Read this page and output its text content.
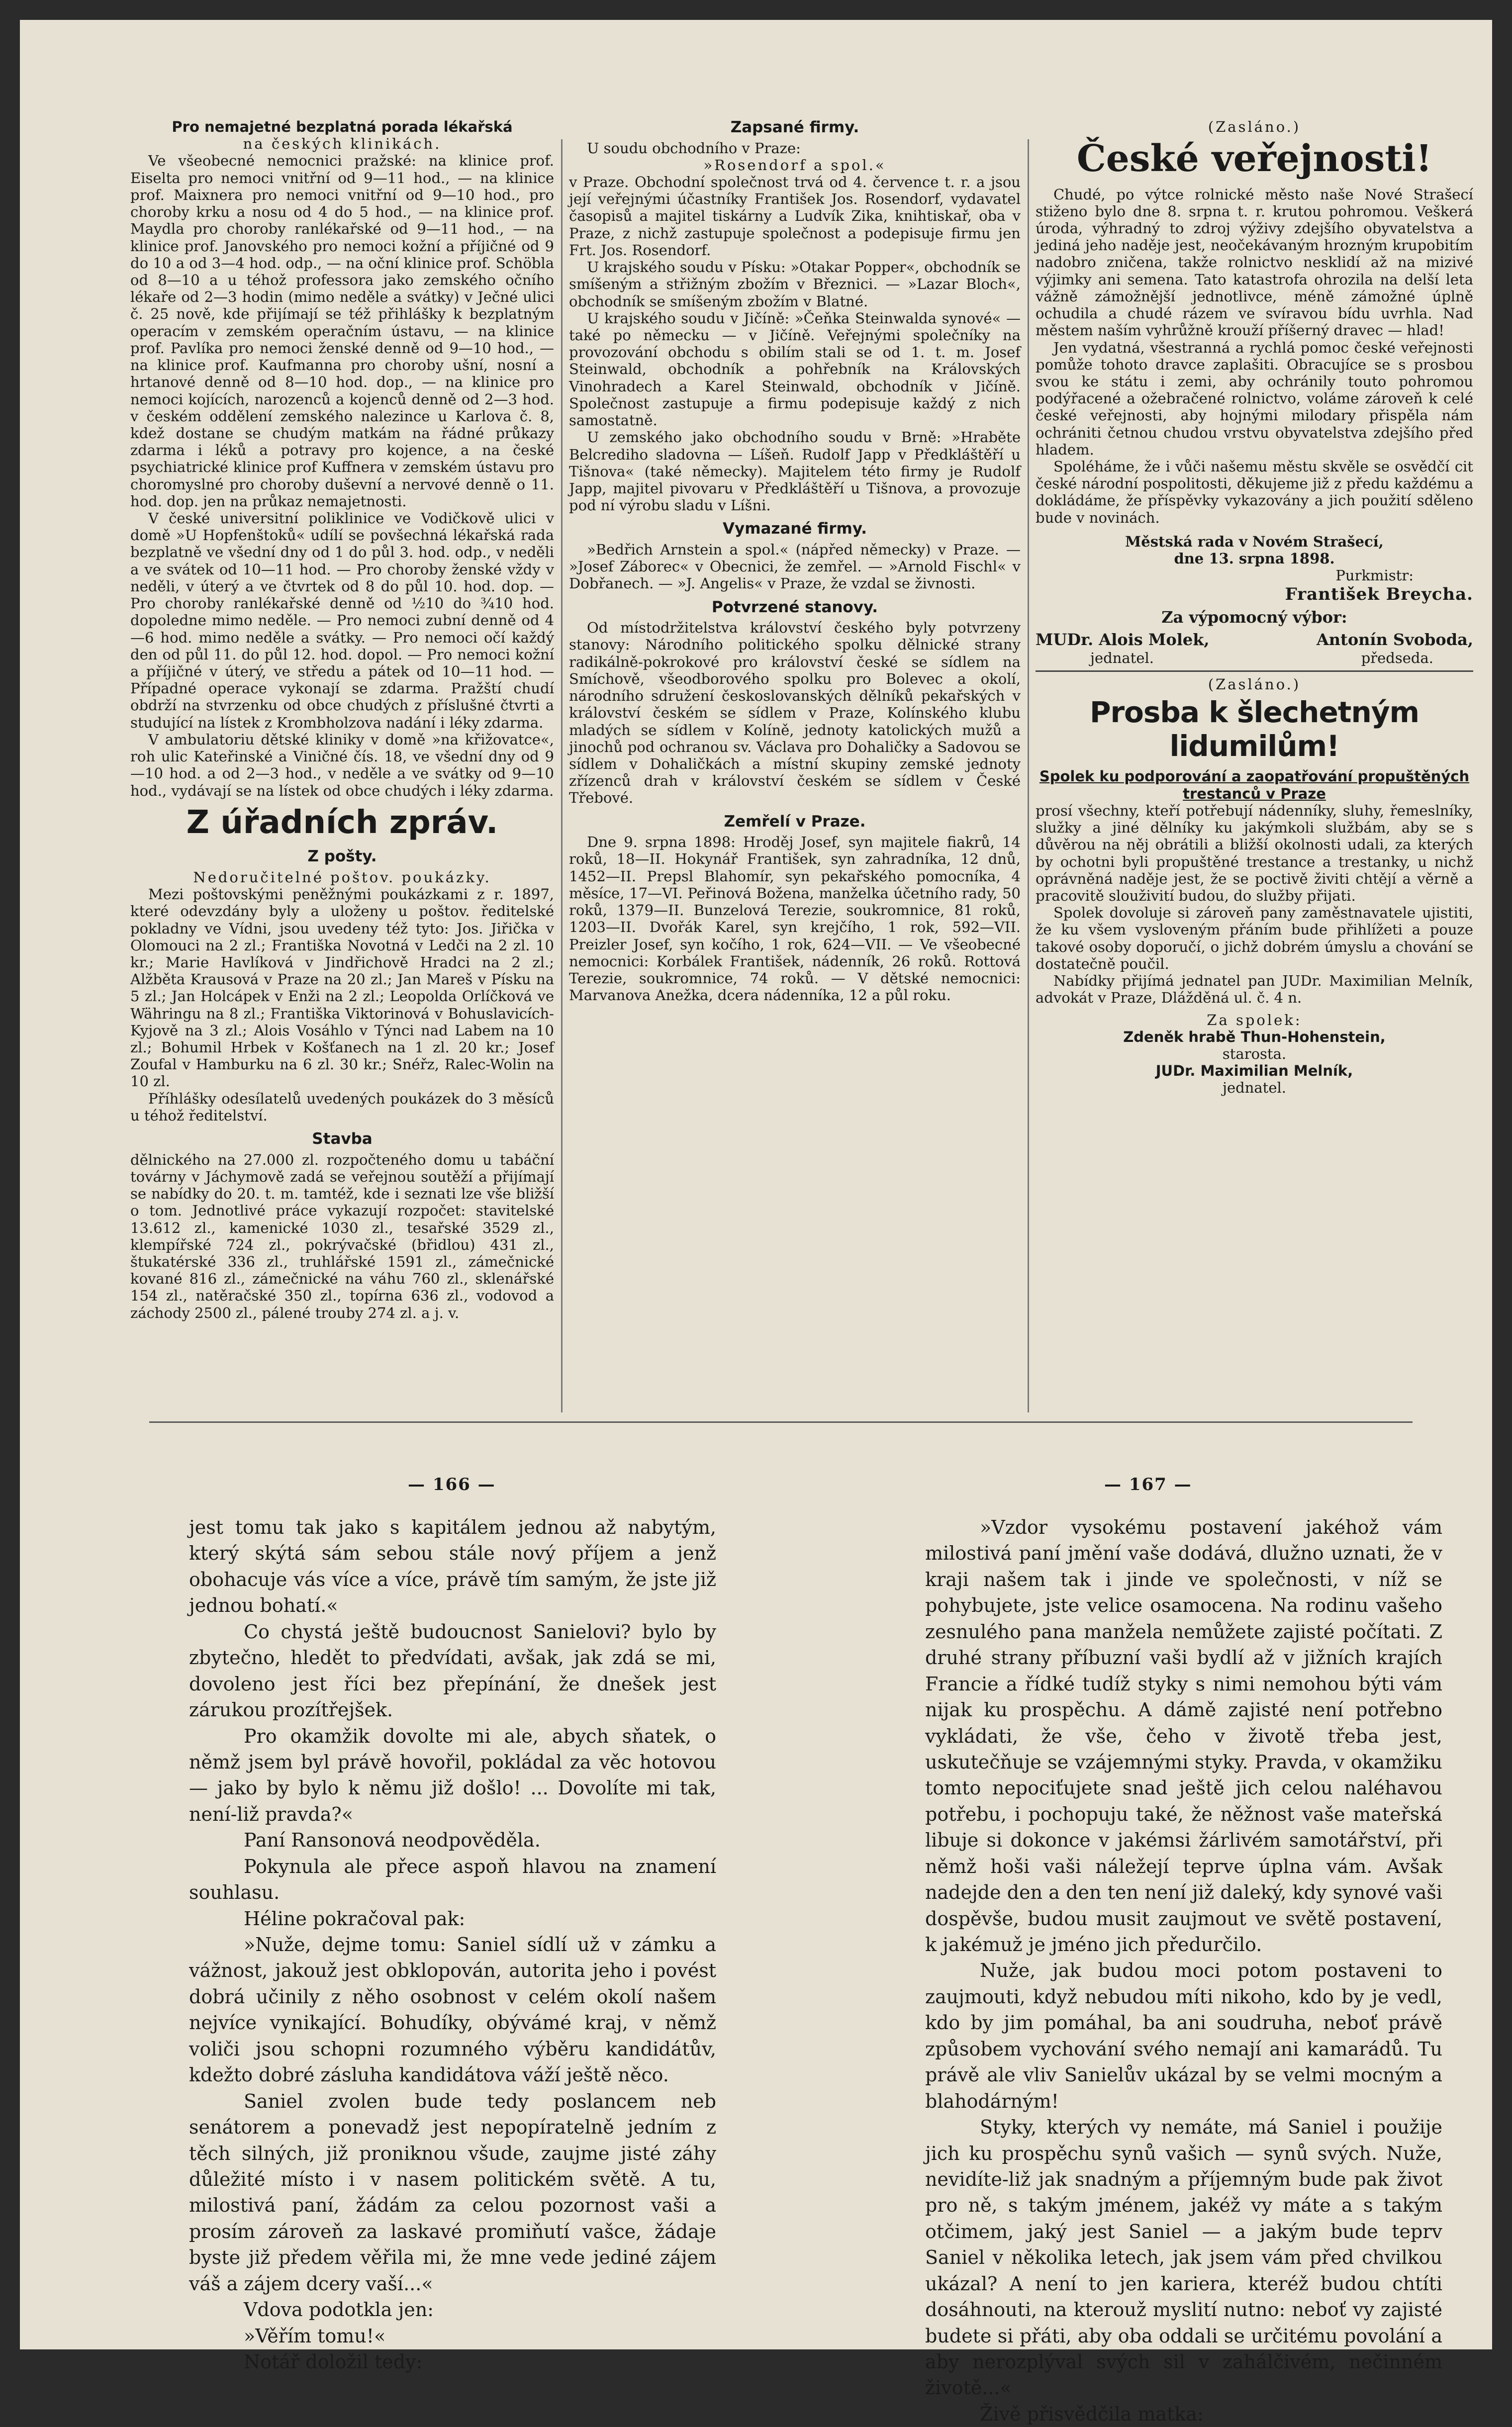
Pro nemajetné bezplatná porada lékařská

na českých klinikách.

Ve všeobecné nemocnici pražské: na klinice prof. Eiselta pro nemoci vnitřní od 9—11 hod., — na klinice prof. Maixnera pro nemoci vnitřní od 9—10 hod., pro choroby krku a nosu od 4 do 5 hod., — na klinice prof. Maydla pro choroby ranlékařské od 9—11 hod., — na klinice prof. Janovského pro nemoci kožní a příjičné od 9 do 10 a od 3—4 hod. odp., — na oční klinice prof. Schöbla od 8—10 a u téhož professora jako zemského očního lékaře od 2—3 hodin (mimo neděle a svátky) v Ječné ulici č. 25 nově, kde přijímají se též přihlášky k bezplatným operacím v zemském operačním ústavu, — na klinice prof. Pavlíka pro nemoci ženské denně od 9—10 hod., — na klinice prof. Kaufmanna pro choroby ušní, nosní a hrtanové denně od 8—10 hod. dop., — na klinice pro nemoci kojících, narozenců a kojenců denně od 2—3 hod. v českém oddělení zemského nalezince u Karlova č. 8, kdež dostane se chudým matkám na řádné průkazy zdarma i léků a potravy pro kojence, a na české psychiatrické klinice prof Kuffnera v zemském ústavu pro choromyslné pro choroby duševní a nervové denně o 11. hod. dop. jen na průkaz nemajetnosti.

V české universitní poliklinice ve Vodičkově ulici v domě »U Hopfenštoků« udílí se povšechná lékařská rada bezplatně ve všední dny od 1 do půl 3. hod. odp., v neděli a ve svátek od 10—11 hod. — Pro choroby ženské vždy v neděli, v úterý a ve čtvrtek od 8 do půl 10. hod. dop. — Pro choroby ranlékařské denně od ½10 do ¾10 hod. dopoledne mimo neděle. — Pro nemoci zubní denně od 4—6 hod. mimo neděle a svátky. — Pro nemoci očí každý den od půl 11. do půl 12. hod. dopol. — Pro nemoci kožní a příjičné v úterý, ve středu a pátek od 10—11 hod. — Případné operace vykonají se zdarma. Pražští chudí obdrží na stvrzenku od obce chudých z příslušné čtvrti a studující na lístek z Krombholzova nadání i léky zdarma.

V ambulatoriu dětské kliniky v domě »na křižovatce«, roh ulic Kateřinské a Viničné čís. 18, ve všední dny od 9—10 hod. a od 2—3 hod., v neděle a ve svátky od 9—10 hod., vydávají se na lístek od obce chudých i léky zdarma.

Z úřadních zpráv.
Z pošty.

Nedoručitelné poštov. poukázky.

Mezi poštovskými peněžnými poukázkami z r. 1897, které odevzdány byly a uloženy u poštov. ředitelské pokladny ve Vídni, jsou uvedeny též tyto: Jos. Jiřička v Olomouci na 2 zl.; Františka Novotná v Ledči na 2 zl. 10 kr.; Marie Havlíková v Jindřichově Hradci na 2 zl.; Alžběta Krausová v Praze na 20 zl.; Jan Mareš v Písku na 5 zl.; Jan Holcápek v Enži na 2 zl.; Leopolda Orlíčková ve Währingu na 8 zl.; Františka Viktorinová v Bohuslavicích-Kyjově na 3 zl.; Alois Vosáhlo v Týnci nad Labem na 10 zl.; Bohumil Hrbek v Košťanech na 1 zl. 20 kr.; Josef Zoufal v Hamburku na 6 zl. 30 kr.; Snéřz, Ralec-Wolin na 10 zl.

Příhlášky odesílatelů uvedených poukázek do 3 měsíců u téhož ředitelství.

Stavba

dělnického na 27.000 zl. rozpočteného domu u tabáční továrny v Jáchymově zadá se veřejnou soutěží a přijímají se nabídky do 20. t. m. tamtéž, kde i seznati lze vše bližší o tom. Jednotlivé práce vykazují rozpočet: stavitelské 13.612 zl., kamenické 1030 zl., tesařské 3529 zl., klempířské 724 zl., pokrývačské (břidlou) 431 zl., štukatérské 336 zl., truhlářské 1591 zl., zámečnické kované 816 zl., zámečnické na váhu 760 zl., sklenářské 154 zl., natěračské 350 zl., topírna 636 zl., vodovod a záchody 2500 zl., pálené trouby 274 zl. a j. v.

Zapsané firmy.

U soudu obchodního v Praze:

»Rosendorf a spol.«

v Praze. Obchodní společnost trvá od 4. července t. r. a jsou její veřejnými účastníky František Jos. Rosendorf, vydavatel časopisů a majitel tiskárny a Ludvík Zika, knihtiskař, oba v Praze, z nichž zastupuje společnost a podepisuje firmu jen Frt. Jos. Rosendorf.

U krajského soudu v Písku: »Otakar Popper«, obchodník se smíšeným a střižným zbožím v Březnici. — »Lazar Bloch«, obchodník se smíšeným zbožím v Blatné.

U krajského soudu v Jičíně: »Čeňka Steinwalda synové« — také po německu — v Jičíně. Veřejnými společníky na provozování obchodu s obilím stali se od 1. t. m. Josef Steinwald, obchodník a pohřebník na Královských Vinohradech a Karel Steinwald, obchodník v Jičíně. Společnost zastupuje a firmu podepisuje každý z nich samostatně.

U zemského jako obchodního soudu v Brně: »Hraběte Belcrediho sladovna — Líšeň. Rudolf Japp v Předkláštěří u Tišnova« (také německy). Majitelem této firmy je Rudolf Japp, majitel pivovaru v Předkláštěří u Tišnova, a provozuje pod ní výrobu sladu v Líšni.

Vymazané firmy.

»Bedřich Arnstein a spol.« (nápřed německy) v Praze. — »Josef Záborec« v Obecnici, že zemřel. — »Arnold Fischl« v Dobřanech. — »J. Angelis« v Praze, že vzdal se živnosti.

Potvrzené stanovy.

Od místodržitelstva království českého byly potvrzeny stanovy: Národního politického spolku dělnické strany radikálně-pokrokové pro království české se sídlem na Smíchově, všeodborového spolku pro Bolevec a okolí, národního sdružení českoslovanských dělníků pekařských v království českém se sídlem v Praze, Kolínského klubu mladých se sídlem v Kolíně, jednoty katolických mužů a jinochů pod ochranou sv. Václava pro Dohaličky a Sadovou se sídlem v Dohaličkách a místní skupiny zemské jednoty zřízenců drah v království českém se sídlem v České Třebové.

Zemřelí v Praze.

Dne 9. srpna 1898: Hroděj Josef, syn majitele fiakrů, 14 roků, 18—II. Hokynář František, syn zahradníka, 12 dnů, 1452—II. Prepsl Blahomír, syn pekařského pomocníka, 4 měsíce, 17—VI. Peřinová Božena, manželka účetního rady, 50 roků, 1379—II. Bunzelová Terezie, soukromnice, 81 roků, 1203—II. Dvořák Karel, syn krejčího, 1 rok, 592—VII. Preizler Josef, syn kočího, 1 rok, 624—VII. — Ve všeobecné nemocnici: Korbálek František, nádenník, 26 roků. Rottová Terezie, soukromnice, 74 roků. — V dětské nemocnici: Marvanova Anežka, dcera nádenníka, 12 a půl roku.

(Zasláno.)

České veřejnosti!

Chudé, po výtce rolnické město naše Nové Strašecí stiženo bylo dne 8. srpna t. r. krutou pohromou. Veškerá úroda, výhradný to zdroj výživy zdejšího obyvatelstva a jediná jeho naděje jest, neočekávaným hrozným krupobitím nadobro zničena, takže rolnictvo nesklidí až na mizivé výjimky ani semena. Tato katastrofa ohrozila na delší leta vážně zámožnější jednotlivce, méně zámožné úplně ochudila a chudé rázem ve svíravou bídu uvrhla. Nad městem naším vyhrůžně krouží příšerný dravec — hlad!

Jen vydatná, všestranná a rychlá pomoc české veřejnosti pomůže tohoto dravce zaplašiti. Obracujíce se s prosbou svou ke státu i zemi, aby ochránily touto pohromou podýřacené a ožebračené rolnictvo, voláme zároveň k celé české veřejnosti, aby hojnými milodary přispěla nám ochrániti četnou chudou vrstvu obyvatelstva zdejšího před hladem.

Spoléháme, že i vůči našemu městu skvěle se osvědčí cit české národní pospolitosti, děkujeme již z předu každému a dokládáme, že příspěvky vykazovány a jich použití sděleno bude v novinách.

Městská rada v Novém Strašecí,

dne 13. srpna 1898.

Purkmistr:

František Breycha.

Za výpomocný výbor:

MUDr. Alois Molek,	Antonín Svoboda,
jednatel.	předseda.

(Zasláno.)

Prosba k šlechetným lidumilům!

Spolek ku podporování a zaopatřování propuštěných trestanců v Praze

prosí všechny, kteří potřebují nádenníky, sluhy, řemeslníky, služky a jiné dělníky ku jakýmkoli službám, aby se s důvěrou na něj obrátili a bližší okolnosti udali, za kterých by ochotni byli propuštěné trestance a trestanky, u nichž oprávněná naděje jest, že se poctivě živiti chtějí a věrně a pracovitě slouživití budou, do služby přijati.

Spolek dovoluje si zároveň pany zaměstnavatele ujistiti, že ku všem vysloveným přáním bude přihlížeti a pouze takové osoby doporučí, o jichž dobrém úmyslu a chování se dostatečně poučil.

Nabídky přijímá jednatel pan JUDr. Maximilian Melník, advokát v Praze, Dlážděná ul. č. 4 n.

Za spolek:

Zdeněk hrabě Thun-Hohenstein,

starosta.

JUDr. Maximilian Melník,

jednatel.

— 166 —	— 167 —

jest tomu tak jako s kapitálem jednou až nabytým, který skýtá sám sebou stále nový příjem a jenž obohacuje vás více a více, právě tím samým, že jste již jednou bohatí.«

Co chystá ještě budoucnost Sanielovi? bylo by zbytečno, hledět to předvídati, avšak, jak zdá se mi, dovoleno jest říci bez přepínání, že dnešek jest zárukou prozítřejšek.

Pro okamžik dovolte mi ale, abych sňatek, o němž jsem byl právě hovořil, pokládal za věc hotovou — jako by bylo k němu již došlo! ... Dovolíte mi tak, není-liž pravda?«

Paní Ransonová neodpověděla.

Pokynula ale přece aspoň hlavou na znamení souhlasu.

Héline pokračoval pak:

»Nuže, dejme tomu: Saniel sídlí už v zámku a vážnost, jakouž jest obklopován, autorita jeho i povést dobrá učinily z něho osobnost v celém okolí našem nejvíce vynikající. Bohudíky, obývámé kraj, v němž voliči jsou schopni rozumného výběru kandidátův, kdežto dobré zásluha kandidátova váží ještě něco.

Saniel zvolen bude tedy poslancem neb senátorem a ponevadž jest nepopíratelně jedním z těch silných, již proniknou všude, zaujme jisté záhy důležité místo i v nasem politickém světě. A tu, milostivá paní, žádám za celou pozornost vaši a prosím zároveň za laskavé promiňutí vašce, žádaje byste již předem věřila mi, že mne vede jediné zájem váš a zájem dcery vaší...«

Vdova podotkla jen:

»Věřím tomu!«

Notář doložil tedy:

»Vzdor vysokému postavení jakéhož vám milostivá paní jmění vaše dodává, dlužno uznati, že v kraji našem tak i jinde ve společnosti, v níž se pohybujete, jste velice osamocena. Na rodinu vašeho zesnulého pana manžela nemůžete zajisté počítati. Z druhé strany příbuzní vaši bydlí až v jižních krajích Francie a řídké tudíž styky s nimi nemohou býti vám nijak ku prospěchu. A dámě zajisté není potřebno vykládati, že vše, čeho v životě třeba jest, uskutečňuje se vzájemnými styky. Pravda, v okamžiku tomto nepociťujete snad ještě jich celou naléhavou potřebu, i pochopuju také, že něžnost vaše mateřská libuje si dokonce v jakémsi žárlivém samotářství, při němž hoši vaši náležejí teprve úplna vám. Avšak nadejde den a den ten není již daleký, kdy synové vaši dospěvše, budou musit zaujmout ve světě postavení, k jakémuž je jméno jich předurčilo.

Nuže, jak budou moci potom postaveni to zaujmouti, když nebudou míti nikoho, kdo by je vedl, kdo by jim pomáhal, ba ani soudruha, neboť právě způsobem vychování svého nemají ani kamarádů. Tu právě ale vliv Sanielův ukázal by se velmi mocným a blahodárným!

Styky, kterých vy nemáte, má Saniel i použije jich ku prospěchu synů vašich — synů svých. Nuže, nevidíte-liž jak snadným a příjemným bude pak život pro ně, s takým jménem, jakéž vy máte a s takým otčimem, jaký jest Saniel — a jakým bude teprv Saniel v několika letech, jak jsem vám před chvilkou ukázal? A není to jen kariera, kteréž budou chtíti dosáhnouti, na kterouž myslití nutno: neboť vy zajisté budete si přáti, aby oba oddali se určitému povolání a aby nerozplýval svých sil v zahálčivém, nečinném životě...«

Živě přisvědčila matka:
